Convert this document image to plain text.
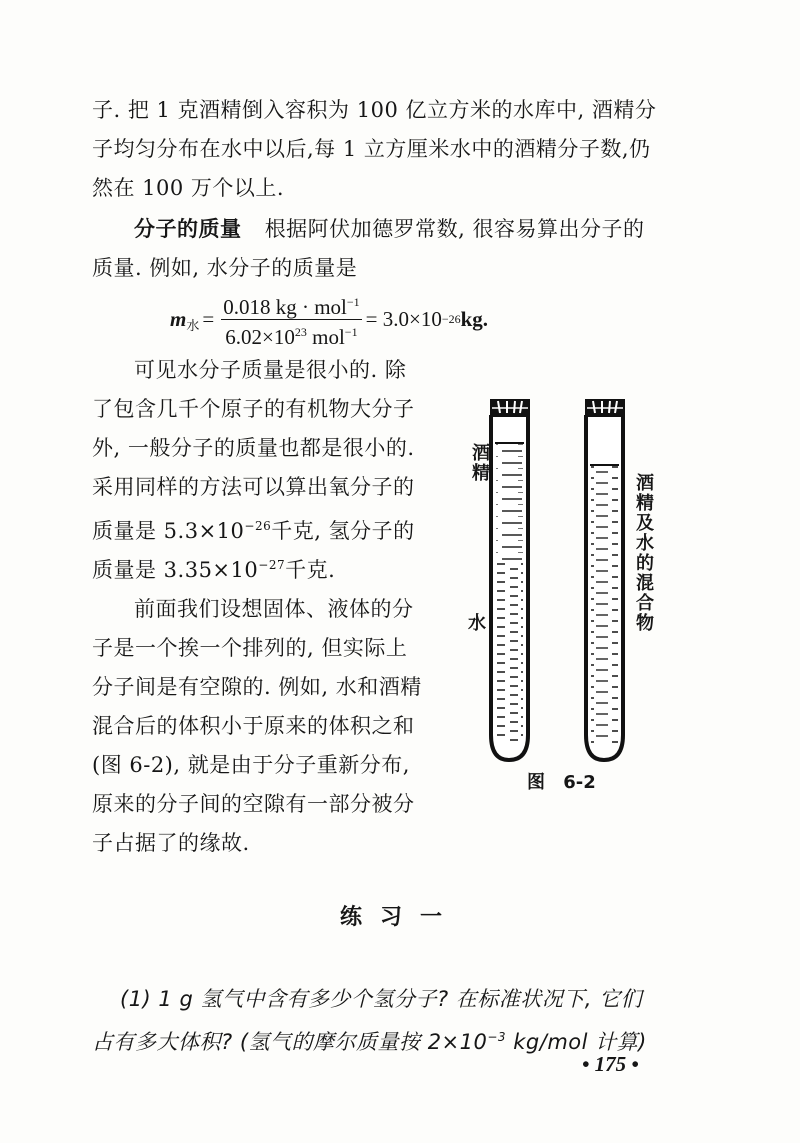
子. 把 1 克酒精倒入容积为 100 亿立方米的水库中, 酒精分
子均匀分布在水中以后,每 1 立方厘米水中的酒精分子数,仍
然在 100 万个以上.
分子的质量 根据阿伏加德罗常数, 很容易算出分子的
质量. 例如, 水分子的质量是
m 水 = $\frac{0.018 kg \cdot mol^{-1}}{6.02\times 10^{23} mol^{-1}} = 3.0\times 10 -26$ kg.
可见水分子质量是很小的. 除
了包含几千个原子的有机物大分子
外, 一般分子的质量也都是很小的.
采用同样的方法可以算出氧分子的
质量是 $5.3\times 10^{-26}$千克, 氢分子的
质量是 $3.35\times 10^{-27}$千克.
前面我们设想固体、液体的分
子是一个挨一个排列的, 但实际上
分子间是有空隙的. 例如, 水和酒精
混合后的体积小于原来的体积之和
(图 6-2), 就是由于分子重新分布,
原来的分子间的空隙有一部分被分
子占据了的缘故.
酒精
水	酒精及水的混合物
图 6-2
练习一
(1) 1 g 氢气中含有多少个氢分子? 在标准状况下, 它们
占有多大体积? (氢气的摩尔质量按 $2\times 10^{-3}$ kg/mol 计算)
• 175 •
